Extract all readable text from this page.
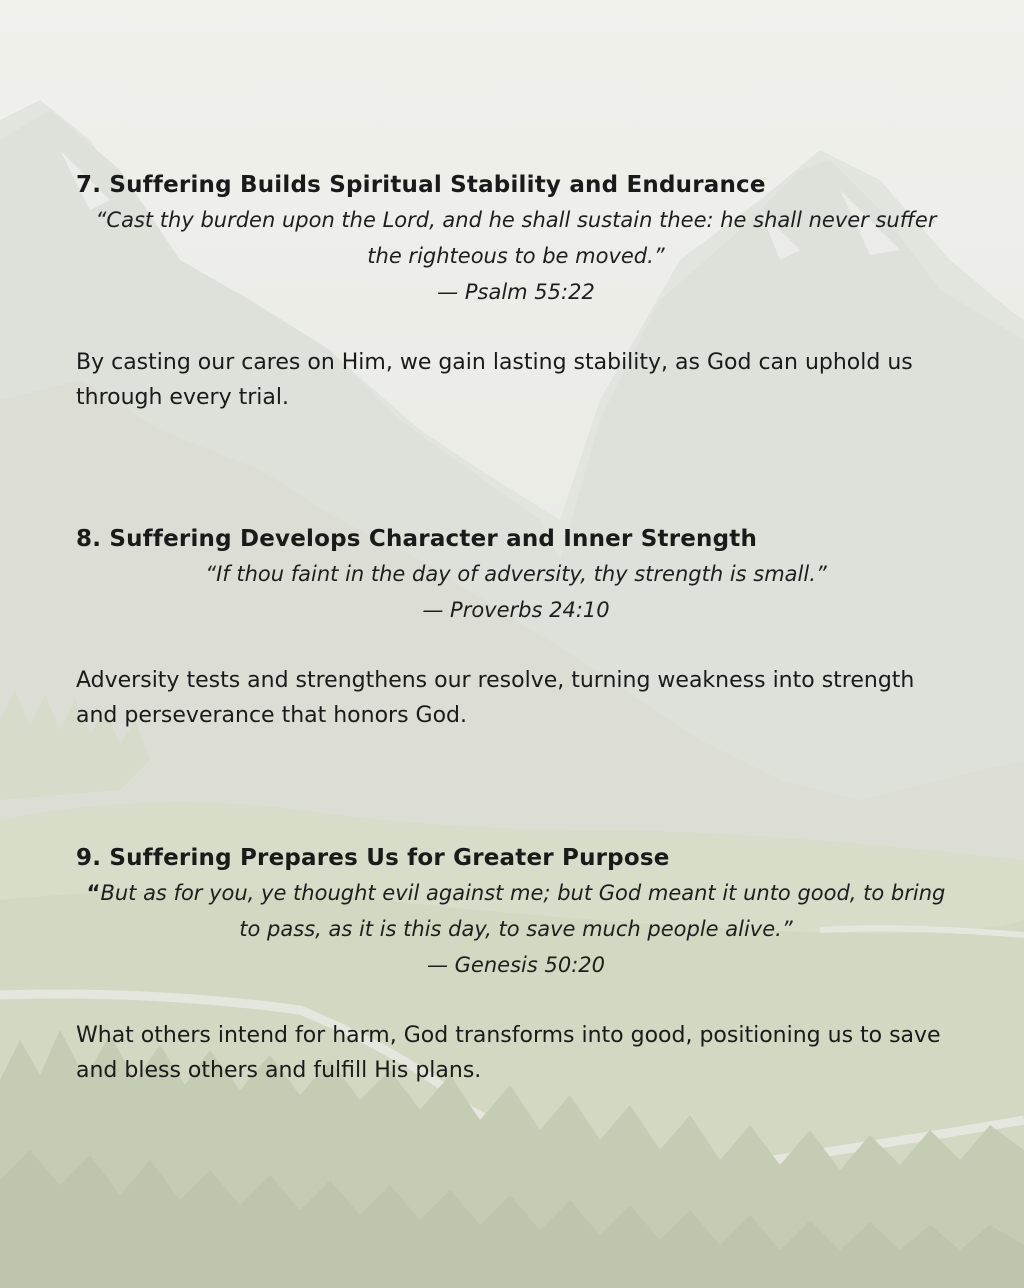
7. Suffering Builds Spiritual Stability and Endurance

“Cast thy burden upon the Lord, and he shall sustain thee: he shall never suffer the righteous to be moved.”

— Psalm 55:22

By casting our cares on Him, we gain lasting stability, as God can uphold us through every trial.

8. Suffering Develops Character and Inner Strength

“If thou faint in the day of adversity, thy strength is small.”

— Proverbs 24:10

Adversity tests and strengthens our resolve, turning weakness into strength and perseverance that honors God.

9. Suffering Prepares Us for Greater Purpose

“But as for you, ye thought evil against me; but God meant it unto good, to bring to pass, as it is this day, to save much people alive.”

— Genesis 50:20

What others intend for harm, God transforms into good, positioning us to save and bless others and fulfill His plans.
